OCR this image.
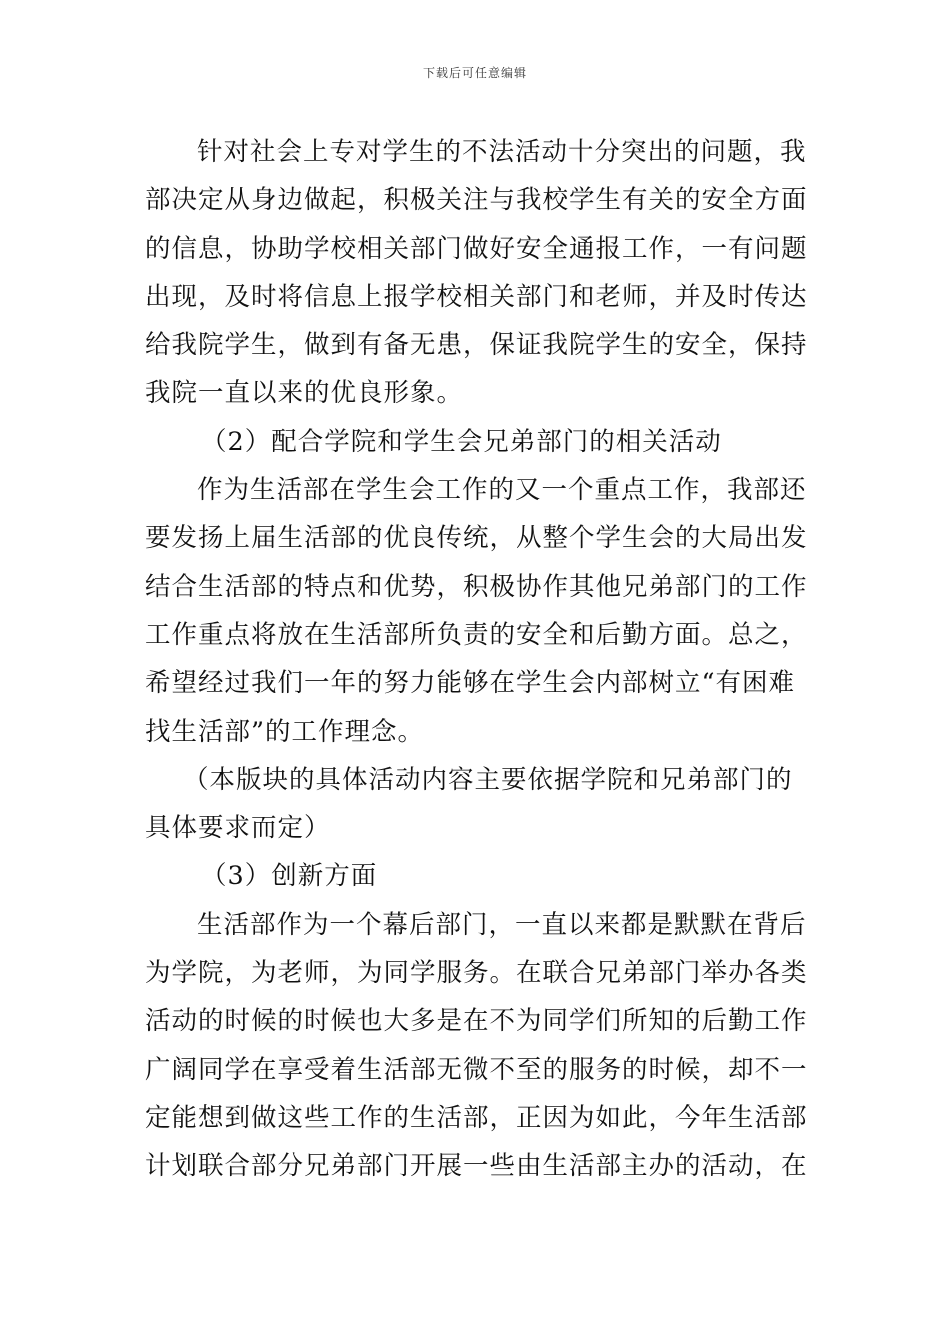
下载后可任意编辑
针对社会上专对学生的不法活动十分突出的问题，我
部决定从身边做起，积极关注与我校学生有关的安全方面
的信息，协助学校相关部门做好安全通报工作，一有问题
出现，及时将信息上报学校相关部门和老师，并及时传达
给我院学生，做到有备无患，保证我院学生的安全，保持
我院一直以来的优良形象。
（2）配合学院和学生会兄弟部门的相关活动
作为生活部在学生会工作的又一个重点工作，我部还
要发扬上届生活部的优良传统，从整个学生会的大局出发
结合生活部的特点和优势，积极协作其他兄弟部门的工作
工作重点将放在生活部所负责的安全和后勤方面。总之，
希望经过我们一年的努力能够在学生会内部树立“有困难
找生活部”的工作理念。
（本版块的具体活动内容主要依据学院和兄弟部门的
具体要求而定）
（3）创新方面
生活部作为一个幕后部门，一直以来都是默默在背后
为学院，为老师，为同学服务。在联合兄弟部门举办各类
活动的时候的时候也大多是在不为同学们所知的后勤工作
广阔同学在享受着生活部无微不至的服务的时候，却不一
定能想到做这些工作的生活部，正因为如此，今年生活部
计划联合部分兄弟部门开展一些由生活部主办的活动，在
